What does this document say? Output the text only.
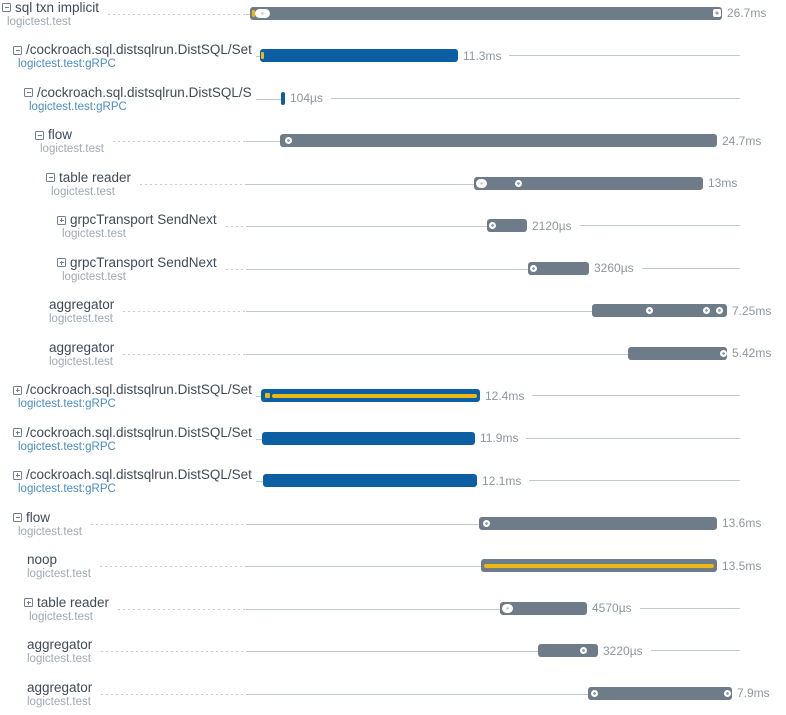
sql txn implicit
logictest.test
26.7ms
/cockroach.sql.distsqlrun.DistSQL/Set
logictest.test:gRPC
11.3ms
/cockroach.sql.distsqlrun.DistSQL/S
logictest.test:gRPC
104µs
flow
logictest.test
24.7ms
table reader
logictest.test
13ms
grpcTransport SendNext
logictest.test
2120µs
grpcTransport SendNext
logictest.test
3260µs
aggregator
logictest.test
7.25ms
aggregator
logictest.test
5.42ms
/cockroach.sql.distsqlrun.DistSQL/Set
logictest.test:gRPC
12.4ms
/cockroach.sql.distsqlrun.DistSQL/Set
logictest.test:gRPC
11.9ms
/cockroach.sql.distsqlrun.DistSQL/Set
logictest.test:gRPC
12.1ms
flow
logictest.test
13.6ms
noop
logictest.test
13.5ms
table reader
logictest.test
4570µs
aggregator
logictest.test
3220µs
aggregator
logictest.test
7.9ms
